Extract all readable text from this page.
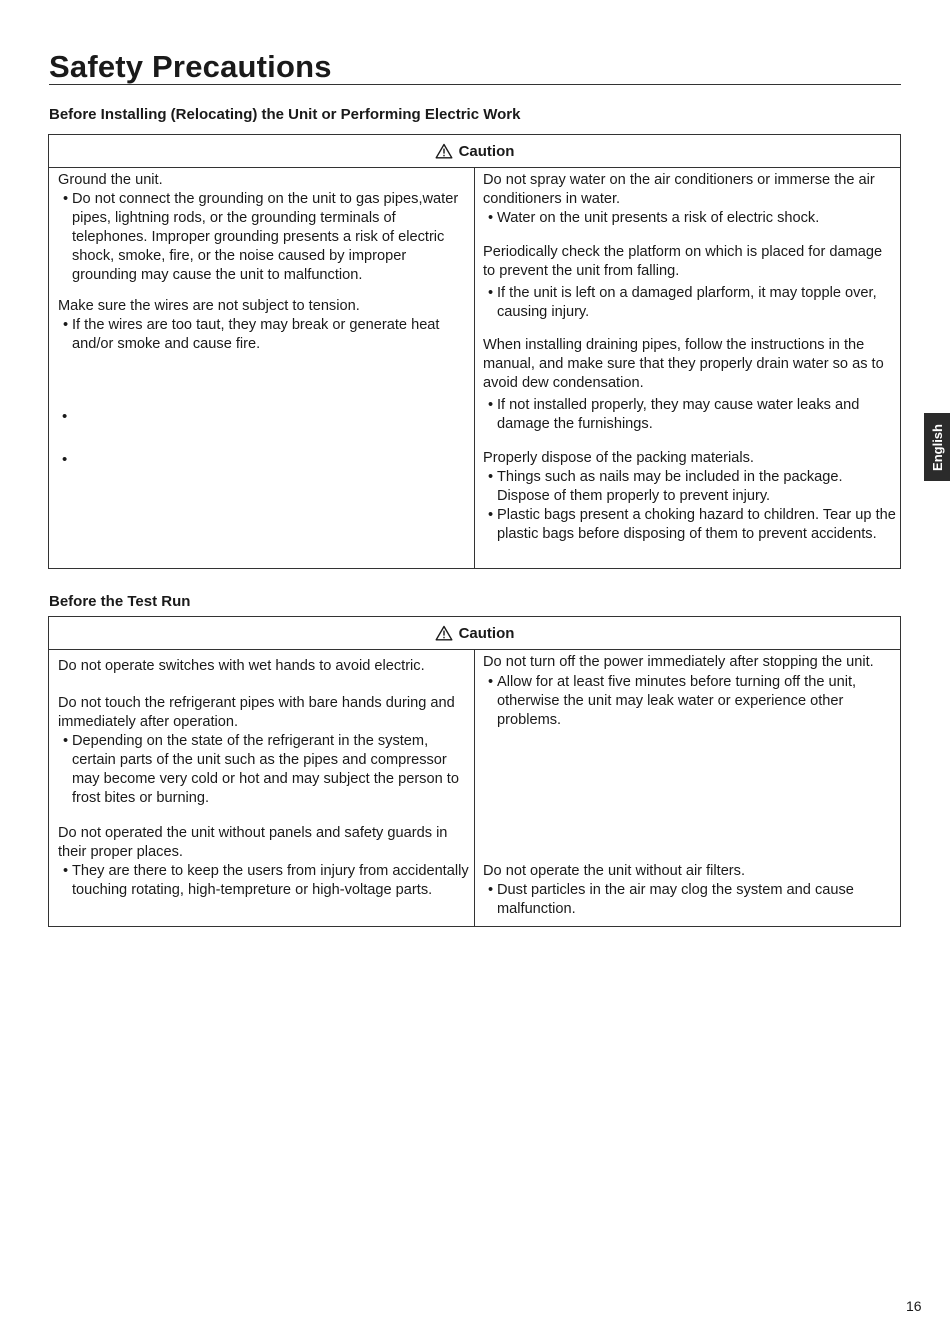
Safety Precautions
Before Installing (Relocating) the Unit or Performing Electric Work
Caution

Ground the unit.

• Do not connect the grounding on the unit to gas pipes,water pipes, lightning rods, or the grounding terminals of telephones. Improper grounding presents a risk of electric shock, smoke, fire, or the noise caused by improper grounding may cause the unit to malfunction.

Make sure the wires are not subject to tension.

• If the wires are too taut, they may break or generate heat and/or smoke and cause fire.

•
•

Do not spray water on the air conditioners or immerse the air conditioners in water.

• Water on the unit presents a risk of electric shock.

Periodically check the platform on which is placed for damage to prevent the unit from falling.

• If the unit is left on a damaged plarform, it may topple over, causing injury.

When installing draining pipes, follow the instructions in the manual, and make sure that they properly drain water so as to avoid dew condensation.

• If not installed properly, they may cause water leaks and damage the furnishings.

Properly dispose of the packing materials.

• Things such as nails may be included in the package. Dispose of them properly to prevent injury.

• Plastic bags present a choking hazard to children. Tear up the plastic bags before disposing of them to prevent accidents.

Before the Test Run
Caution

Do not operate switches with wet hands to avoid electric.

Do not touch the refrigerant pipes with bare hands during and immediately after operation.

• Depending on the state of the refrigerant in the system, certain parts of the unit such as the pipes and compressor may become very cold or hot and may subject the person to frost bites or burning.

Do not operated the unit without panels and safety guards in their proper places.

• They are there to keep the users from injury from accidentally touching rotating, high-tempreture or high-voltage parts.

Do not turn off the power immediately after stopping the unit.

• Allow for at least five minutes before turning off the unit, otherwise the unit may leak water or experience other problems.

Do not operate the unit without air filters.

• Dust particles in the air may clog the system and cause malfunction.

English
16
